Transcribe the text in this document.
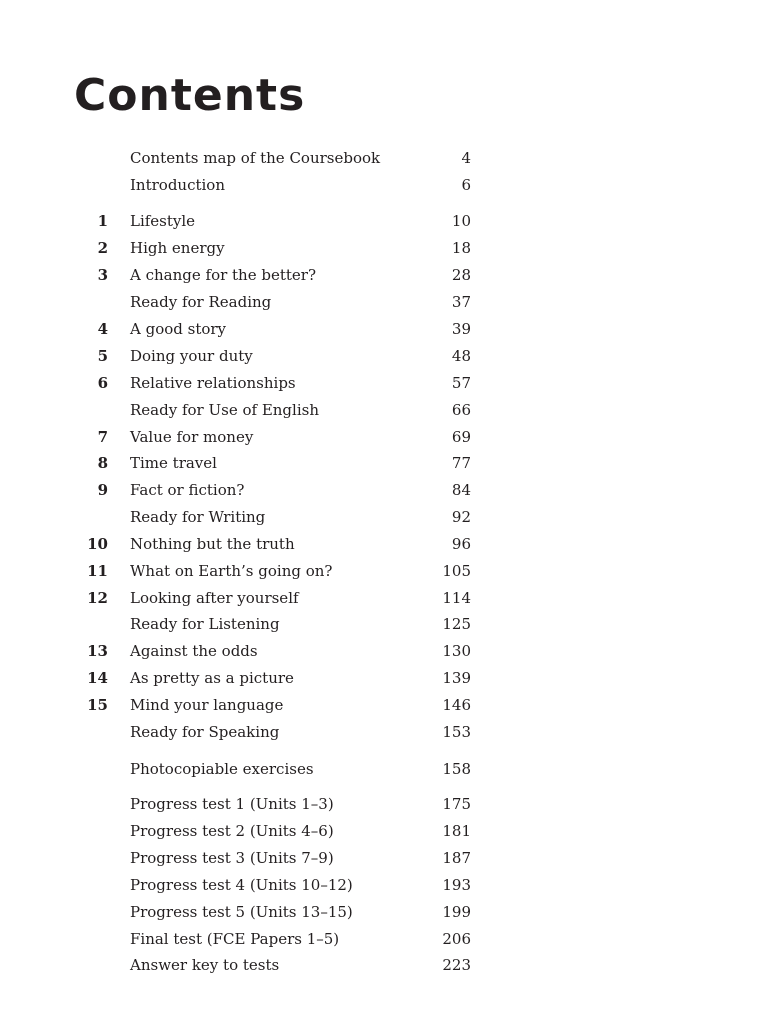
Contents
Contents map of the Coursebook	4
Introduction	6
1 Lifestyle	10
2 High energy	18
3 A change for the better?	28
Ready for Reading	37
4 A good story	39
5 Doing your duty	48
6 Relative relationships	57
Ready for Use of English	66
7 Value for money	69
8 Time travel	77
9 Fact or fiction?	84
Ready for Writing	92
10 Nothing but the truth	96
11 What on Earth’s going on?	105
12 Looking after yourself	114
Ready for Listening	125
13 Against the odds	130
14 As pretty as a picture	139
15 Mind your language	146
Ready for Speaking	153
Photocopiable exercises	158
Progress test 1 (Units 1–3)	175
Progress test 2 (Units 4–6)	181
Progress test 3 (Units 7–9)	187
Progress test 4 (Units 10–12)	193
Progress test 5 (Units 13–15)	199
Final test (FCE Papers 1–5)	206
Answer key to tests	223
